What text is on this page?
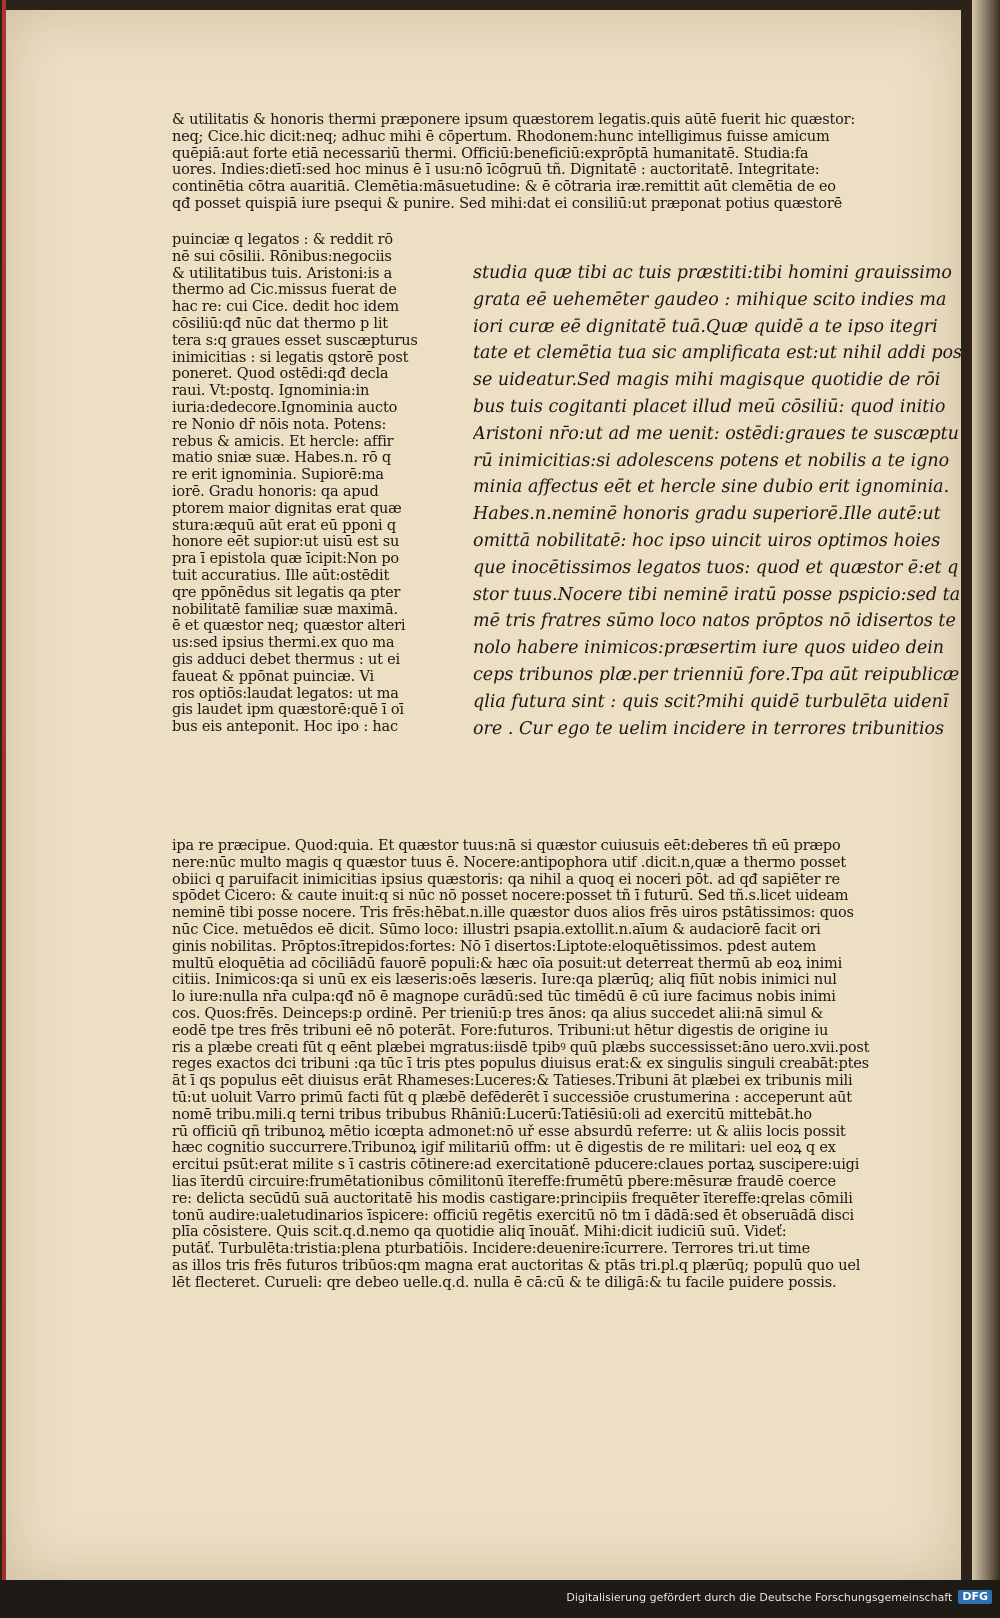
& utilitatis & honoris thermi præponere ipsum quæstorem legatis.quis aūtē fuerit hic quæstor:
neq; Cice.hic dicit:neq; adhuc mihi ē cōpertum. Rhodonem:hunc intelligimus fuisse amicum
quēpiā:aut forte etiā necessariū thermi. Officiū:beneficiū:exprōptā humanitatē. Studia:fa
uores. Indies:dietī:sed hoc minus ē ī usu:nō īcōgruū tñ. Dignitatē : auctoritatē. Integritate:
continētia cōtra auaritiā. Clemētia:māsuetudine: & ē cōtraria iræ.remittit aūt clemētia de eo
qđ posset quispiā iure psequi & punire. Sed mihi:dat ei consiliū:ut præponat potius quæstorē
puinciæ q legatos : & reddit rō
nē sui cōsilii. Rōnibus:negociis
& utilitatibus tuis. Aristoni:is a
thermo ad Cic.missus fuerat de
hac re: cui Cice. dedit hoc idem
cōsiliū:qđ nūc dat thermo p lit
tera s:q graues esset suscæpturus
inimicitias : si legatis qstorē post
poneret. Quod ostēdi:qđ decla
raui. Vt:postq. Ignominia:in
iuria:dedecore.Ignominia aucto
re Nonio dr̄ nōis nota. Potens:
rebus & amicis. Et hercle: affir
matio sniæ suæ. Habes.n. rō q
re erit ignominia. Supiorē:ma
iorē. Gradu honoris: qa apud
ptorem maior dignitas erat quæ
stura:æquū aūt erat eū pponi q
honore eēt supior:ut uisū est su
pra ī epistola quæ īcipit:Non po
tuit accuratius. Ille aūt:ostēdit
qre ppōnēdus sit legatis qa pter
nobilitatē familiæ suæ maximā.
ē et quæstor neq; quæstor alteri
us:sed ipsius thermi.ex quo ma
gis adduci debet thermus : ut ei
faueat & ppōnat puinciæ. Vi
ros optiōs:laudat legatos: ut ma
gis laudet ipm quæstorē:quē ī oī
bus eis anteponit. Hoc ipo : hac
studia quæ tibi ac tuis præstiti:tibi homini grauissimo
grata eē uehemēter gaudeo : mihique scito indies ma
iori curæ eē dignitatē tuā.Quæ quidē a te ipso itegri
tate et clemētia tua sic amplificata est:ut nihil addi pos
se uideatur.Sed magis mihi magisque quotidie de rōi
bus tuis cogitanti placet illud meū cōsiliū: quod initio
Aristoni nr̄o:ut ad me uenit: ostēdi:graues te suscæptu
rū inimicitias:si adolescens potens et nobilis a te igno
minia affectus eēt et hercle sine dubio erit ignominia.
Habes.n.neminē honoris gradu superiorē.Ille autē:ut
omittā nobilitatē: hoc ipso uincit uiros optimos hoies
que inocētissimos legatos tuos: quod et quæstor ē:et q
stor tuus.Nocere tibi neminē iratū posse pspicio:sed ta
mē tris fratres sūmo loco natos prōptos nō idisertos te
nolo habere inimicos:præsertim iure quos uideo dein
ceps tribunos plæ.per trienniū fore.Tpa aūt reipublicæ
qlia futura sint : quis scit?mihi quidē turbulēta uidenī
ore . Cur ego te uelim incidere in terrores tribunitios
ipa re præcipue. Quod:quia. Et quæstor tuus:nā si quæstor cuiusuis eēt:deberes tñ eū præpo
nere:nūc multo magis q quæstor tuus ē. Nocere:antipophora utif .dicit.n,quæ a thermo posset
obiici q paruifacit inimicitias ipsius quæstoris: qa nihil a quoq ei noceri pōt. ad qđ sapiēter re
spōdet Cicero: & caute inuit:q si nūc nō posset nocere:posset tñ ī futurū. Sed tñ.s.licet uideam
neminē tibi posse nocere. Tris frēs:hēbat.n.ille quæstor duos alios frēs uiros pstātissimos: quos
nūc Cice. metuēdos eē dicit. Sūmo loco: illustri psapia.extollit.n.aīum & audaciorē facit ori
ginis nobilitas. Prōptos:ītrepidos:fortes: Nō ī disertos:Liptote:eloquētissimos. pdest autem
multū eloquētia ad cōciliādū fauorē populi:& hæc oīa posuit:ut deterreat thermū ab eoꝝ inimi
citiis. Inimicos:qa si unū ex eis læseris:oēs læseris. Iure:qa plærūq; aliq fiūt nobis inimici nul
lo iure:nulla nr̄a culpa:qđ nō ē magnope curādū:sed tūc timēdū ē cū iure facimus nobis inimi
cos. Quos:frēs. Deinceps:p ordinē. Per trieniū:p tres ānos: qa alius succedet alii:nā simul &
eodē tpe tres frēs tribuni eē nō poterāt. Fore:futuros. Tribuni:ut hētur digestis de origine iu
ris a plæbe creati fūt q eēnt plæbei mgratus:iisdē tpibꝰ quū plæbs successisset:āno uero.xvii.post
reges exactos dci tribuni :qa tūc ī tris ptes populus diuisus erat:& ex singulis singuli creabāt:ptes
āt ī qs populus eēt diuisus erāt Rhameses:Luceres:& Tatieses.Tribuni āt plæbei ex tribunis mili
tū:ut uoluit Varro primū facti fūt q plæbē defēderēt ī successiōe crustumerina : acceperunt aūt
nomē tribu.mili.q terni tribus tribubus Rhāniū:Lucerū:Tatiēsiū:oli ad exercitū mittebāt.ho
rū officiū qñ tribunoꝝ mētio icœpta admonet:nō uř esse absurdū referre: ut & aliis locis possit
hæc cognitio succurrere.Tribunoꝝ igif militariū offm: ut ē digestis de re militari: uel eoꝝ q ex
ercitui psūt:erat milite s ī castris cōtinere:ad exercitationē pducere:claues portaꝝ suscipere:uigi
lias īterdū circuire:frumētationibus cōmilitonū ītereffe:frumētū pbere:mēsuræ fraudē coerce
re: delicta secūdū suā auctoritatē his modis castigare:principiis frequēter ītereffe:qrelas cōmili
tonū audire:ualetudinarios īspicere: officiū regētis exercitū nō tm ī dādā:sed ēt obseruādā disci
plīa cōsistere. Quis scit.q.d.nemo qa quotidie aliq īnouāť. Mihi:dicit iudiciū suū. Videť:
putāť. Turbulēta:tristia:plena pturbatiōis. Incidere:deuenire:īcurrere. Terrores tri.ut time
as illos tris frēs futuros tribūos:qm magna erat auctoritas & ptās tri.pl.q plærūq; populū quo uel
lēt flecteret. Curueli: qre debeo uelle.q.d. nulla ē cā:cū & te diligā:& tu facile puidere possis.
Digitalisierung gefördert durch die Deutsche Forschungsgemeinschaft DFG
